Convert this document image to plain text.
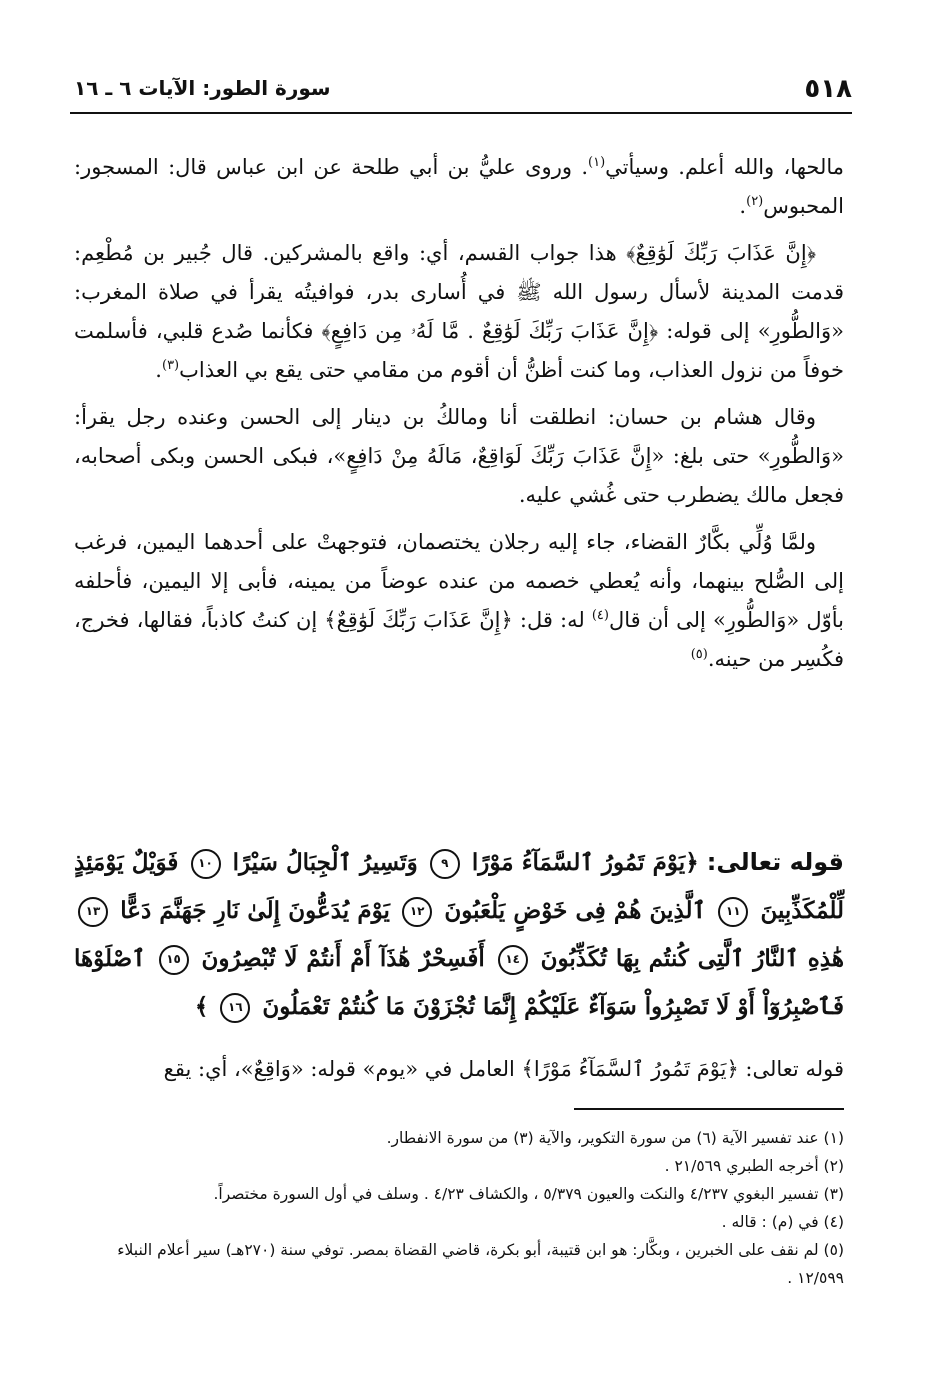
٥١٨
سورة الطور: الآيات ٦ ـ ١٦

مالحها، والله أعلم. وسيأتي$^{(١)}$. وروى عليُّ بن أبي طلحة عن ابن عباس قال: المسجور: المحبوس$^{(٢)}$.

﴿إِنَّ عَذَابَ رَبِّكَ لَوَٰقِعٌ﴾ هذا جواب القسم، أي: واقع بالمشركين. قال جُبير بن مُطْعِم: قدمت المدينة لأسأل رسول الله ﷺ في أُسارى بدر، فوافيتُه يقرأ في صلاة المغرب: «وَالطُّورِ» إلى قوله: ﴿إِنَّ عَذَابَ رَبِّكَ لَوَٰقِعٌ . مَّا لَهُۥ مِن دَافِعٍ﴾ فكأنما صُدع قلبي، فأسلمت خوفاً من نزول العذاب، وما كنت أظنُّ أن أقوم من مقامي حتى يقع بي العذاب$^{(٣)}$.

وقال هشام بن حسان: انطلقت أنا ومالكُ بن دينار إلى الحسن وعنده رجل يقرأ: «وَالطُّورِ» حتى بلغ: «إِنَّ عَذَابَ رَبِّكَ لَوَاقِعٌ، مَالَهُ مِنْ دَافِعٍ»، فبكى الحسن وبكى أصحابه، فجعل مالك يضطرب حتى غُشي عليه.

ولمَّا وُلِّي بكَّارٌ القضاء، جاء إليه رجلان يختصمان، فتوجهتْ على أحدهما اليمين، فرغب إلى الصُّلح بينهما، وأنه يُعطي خصمه من عنده عوضاً من يمينه، فأبى إلا اليمين، فأحلفه بأوّل «وَالطُّورِ» إلى أن قال$^{(٤)}$ له: قل: ﴿إِنَّ عَذَابَ رَبِّكَ لَوَٰقِعٌ﴾ إن كنتُ كاذباً، فقالها، فخرج، فكُسِر من حينه.$^{(٥)}$

قوله تعالى: ﴿يَوْمَ تَمُورُ ٱلسَّمَآءُ مَوْرًا ٩ وَتَسِيرُ ٱلْجِبَالُ سَيْرًا ١٠ فَوَيْلٌ يَوْمَئِذٍ لِّلْمُكَذِّبِينَ ١١ ٱلَّذِينَ هُمْ فِى خَوْضٍ يَلْعَبُونَ ١٢ يَوْمَ يُدَعُّونَ إِلَىٰ نَارِ جَهَنَّمَ دَعًّا ١٣ هَٰذِهِ ٱلنَّارُ ٱلَّتِى كُنتُم بِهَا تُكَذِّبُونَ ١٤ أَفَسِحْرٌ هَٰذَآ أَمْ أَنتُمْ لَا تُبْصِرُونَ ١٥ ٱصْلَوْهَا فَٱصْبِرُوٓاْ أَوْ لَا تَصْبِرُواْ سَوَآءٌ عَلَيْكُمْ إِنَّمَا تُجْزَوْنَ مَا كُنتُمْ تَعْمَلُونَ ١٦ ﴾
قوله تعالى: ﴿يَوْمَ تَمُورُ ٱلسَّمَآءُ مَوْرًا﴾ العامل في «يوم» قوله: «وَاقِعٌ»، أي: يقع
(١) عند تفسير الآية (٦) من سورة التكوير، والآية (٣) من سورة الانفطار.
(٢) أخرجه الطبري ٢١/٥٦٩ .
(٣) تفسير البغوي ٤/٢٣٧ والنكت والعيون ٥/٣٧٩ ، والكشاف ٤/٢٣ . وسلف في أول السورة مختصراً.
(٤) في (م) : قاله .
(٥) لم نقف على الخبرين ، وبكَّار: هو ابن قتيبة، أبو بكرة، قاضي القضاة بمصر. توفي سنة (٢٧٠هـ) سير أعلام النبلاء ١٢/٥٩٩ .
